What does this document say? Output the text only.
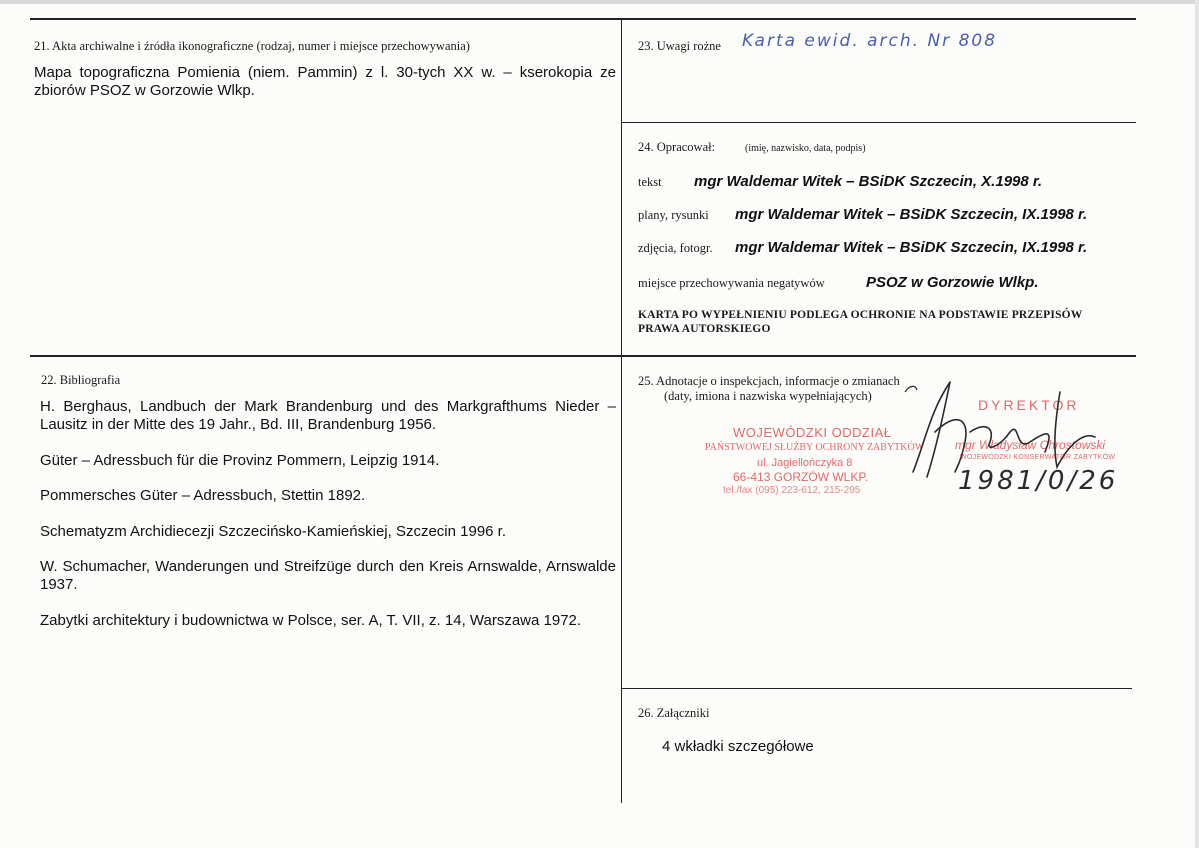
21. Akta archiwalne i źródła ikonograficzne (rodzaj, numer i miejsce przechowywania)
Mapa topograficzna Pomienia (niem. Pammin) z l. 30-tych XX w. – kserokopia ze zbiorów PSOZ w Gorzowie Wlkp.
23. Uwagi rożne Karta ewid. arch. Nr 808
24. Opracował:	(imię, nazwisko, data, podpis)
tekst mgr Waldemar Witek – BSiDK Szczecin, X.1998 r.
plany, rysunki mgr Waldemar Witek – BSiDK Szczecin, IX.1998 r.
zdjęcia, fotogr. mgr Waldemar Witek – BSiDK Szczecin, IX.1998 r.
miejsce przechowywania negatywów	PSOZ w Gorzowie Wlkp.
KARTA PO WYPEŁNIENIU PODLEGA OCHRONIE NA PODSTAWIE PRZEPISÓW
PRAWA AUTORSKIEGO
22. Bibliografia
H. Berghaus, Landbuch der Mark Brandenburg und des Markgrafthums Nieder – Lausitz in der Mitte des 19 Jahr., Bd. III, Brandenburg 1956.
Güter – Adressbuch für die Provinz Pommern, Leipzig 1914.
Pommersches Güter – Adressbuch, Stettin 1892.
Schematyzm Archidiecezji Szczecińsko-Kamieńskiej, Szczecin 1996 r.
W. Schumacher, Wanderungen und Streifzüge durch den Kreis Arnswalde, Arnswalde 1937.
Zabytki architektury i budownictwa w Polsce, ser. A, T. VII, z. 14, Warszawa 1972.
25. Adnotacje o inspekcjach, informacje o zmianach
(daty, imiona i nazwiska wypełniających)
WOJEWÓDZKI ODDZIAŁ
PAŃSTWOWEJ SŁUŻBY OCHRONY ZABYTKÓW
ul. Jagiellończyka 8
66-413 GORZÓW WLKP.
tel./fax (095) 223-612, 215-295
DYREKTOR
mgr Władysław Chrostowski
WOJEWÓDZKI KONSERWATOR ZABYTKÓW
1981/0/26
26. Załączniki
4 wkładki szczegółowe
